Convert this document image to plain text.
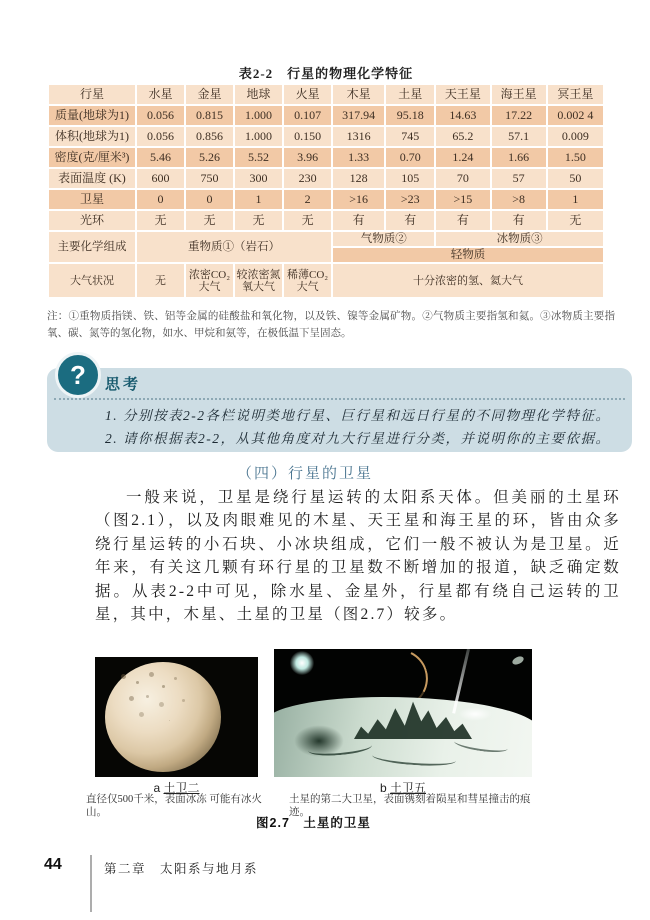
表2-2　行星的物理化学特征
行星	水星	金星	地球	火星	木星	土星	天王星	海王星	冥王星
质量(地球为1)	0.056	0.815	1.000	0.107	317.94	95.18	14.63	17.22	0.002 4
体积(地球为1)	0.056	0.856	1.000	0.150	1316	745	65.2	57.1	0.009
密度(克/厘米³)	5.46	5.26	5.52	3.96	1.33	0.70	1.24	1.66	1.50
表面温度 (K)	600	750	300	230	128	105	70	57	50
卫星	0	0	1	2	>16	>23	>15	>8	1
光环	无	无	无	无	有	有	有	有	无
主要化学组成	重物质①（岩石）				气物质②		冰物质③		
					轻物质				
大气状况	无	浓密CO₂大气	较浓密氮氧大气	稀薄CO₂大气	十分浓密的氢、氦大气				
注：①重物质指镁、铁、铝等金属的硅酸盐和氧化物，以及铁、镍等金属矿物。②气物质主要指氢和氦。③冰物质主要指氧、碳、氮等的氢化物，如水、甲烷和氨等，在极低温下呈固态。
? 思考
1. 分别按表2-2各栏说明类地行星、巨行星和远日行星的不同物理化学特征。
2. 请你根据表2-2，从其他角度对九大行星进行分类，并说明你的主要依据。
（四）行星的卫星
一般来说，卫星是绕行星运转的太阳系天体。但美丽的土星环（图2.1），以及肉眼难见的木星、天王星和海王星的环，皆由众多绕行星运转的小石块、小冰块组成，它们一般不被认为是卫星。近年来，有关这几颗有环行星的卫星数不断增加的报道，缺乏确定数据。从表2-2中可见，除水星、金星外，行星都有绕自己运转的卫星，其中，木星、土星的卫星（图2.7）较多。
a 土卫二	b 土卫五
直径仅500千米，表面冰冻 可能有冰火山。
土星的第二大卫星，表面镌刻着陨星和彗星撞击的痕迹。
图2.7　土星的卫星
44	第二章　太阳系与地月系
